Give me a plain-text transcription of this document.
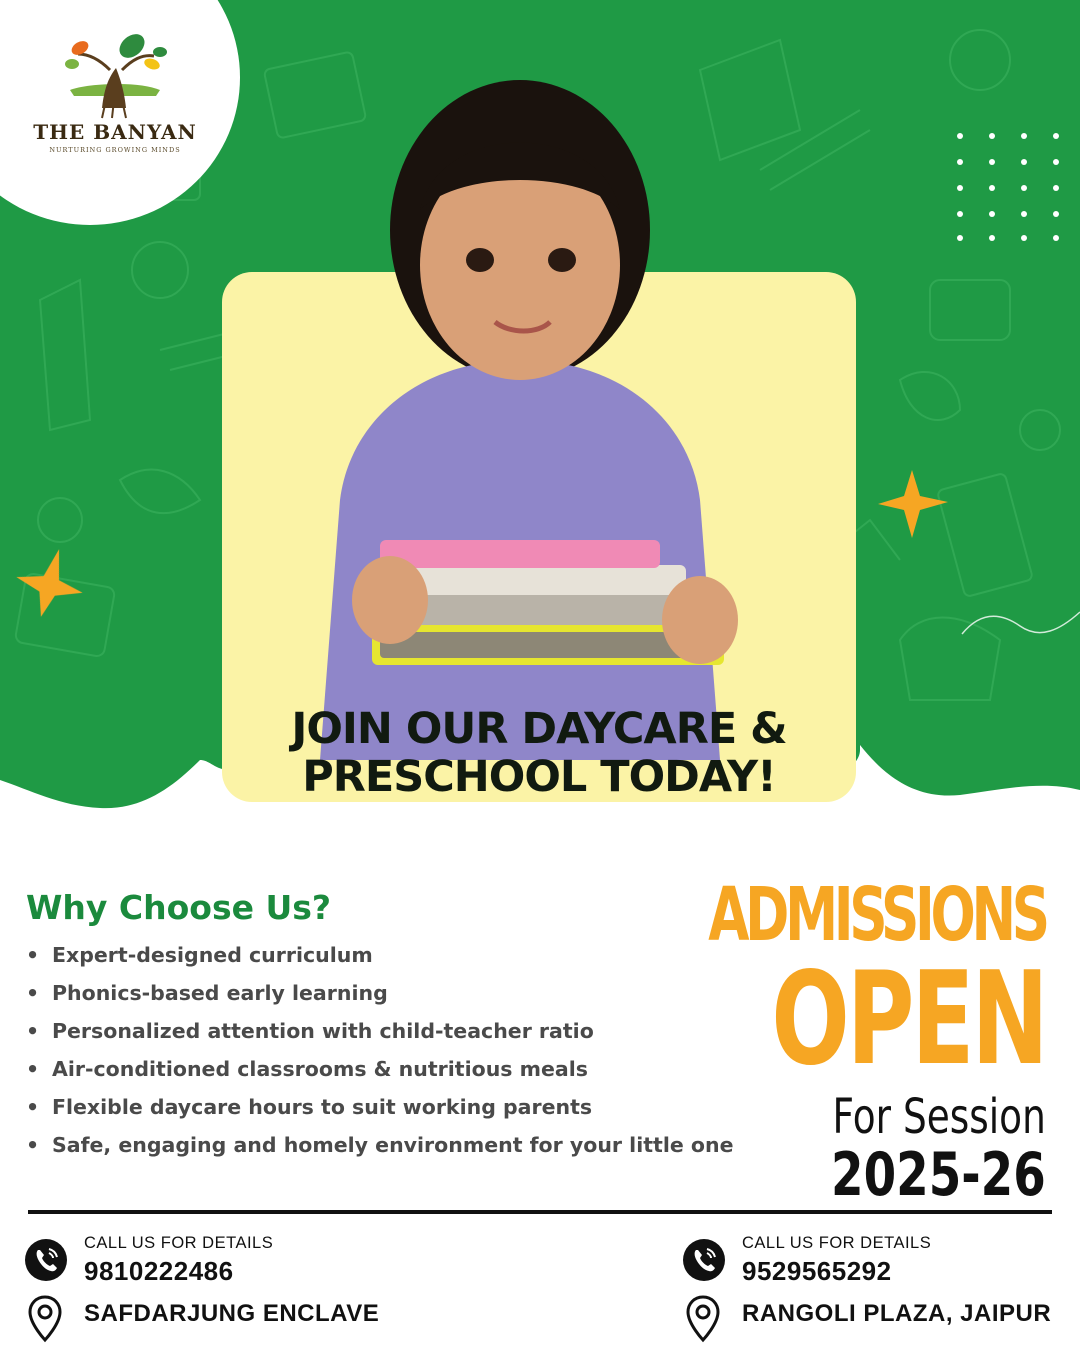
THE BANYAN
NURTURING GROWING MINDS
JOIN OUR DAYCARE &
PRESCHOOL TODAY!
Why Choose Us?
• Expert-designed curriculum
• Phonics-based early learning
• Personalized attention with child-teacher ratio
• Air-conditioned classrooms & nutritious meals
• Flexible daycare hours to suit working parents
• Safe, engaging and homely environment for your little one
ADMISSIONS
OPEN
For Session
2025-26
CALL US FOR DETAILS
9810222486
SAFDARJUNG ENCLAVE
CALL US FOR DETAILS
9529565292
RANGOLI PLAZA, JAIPUR
